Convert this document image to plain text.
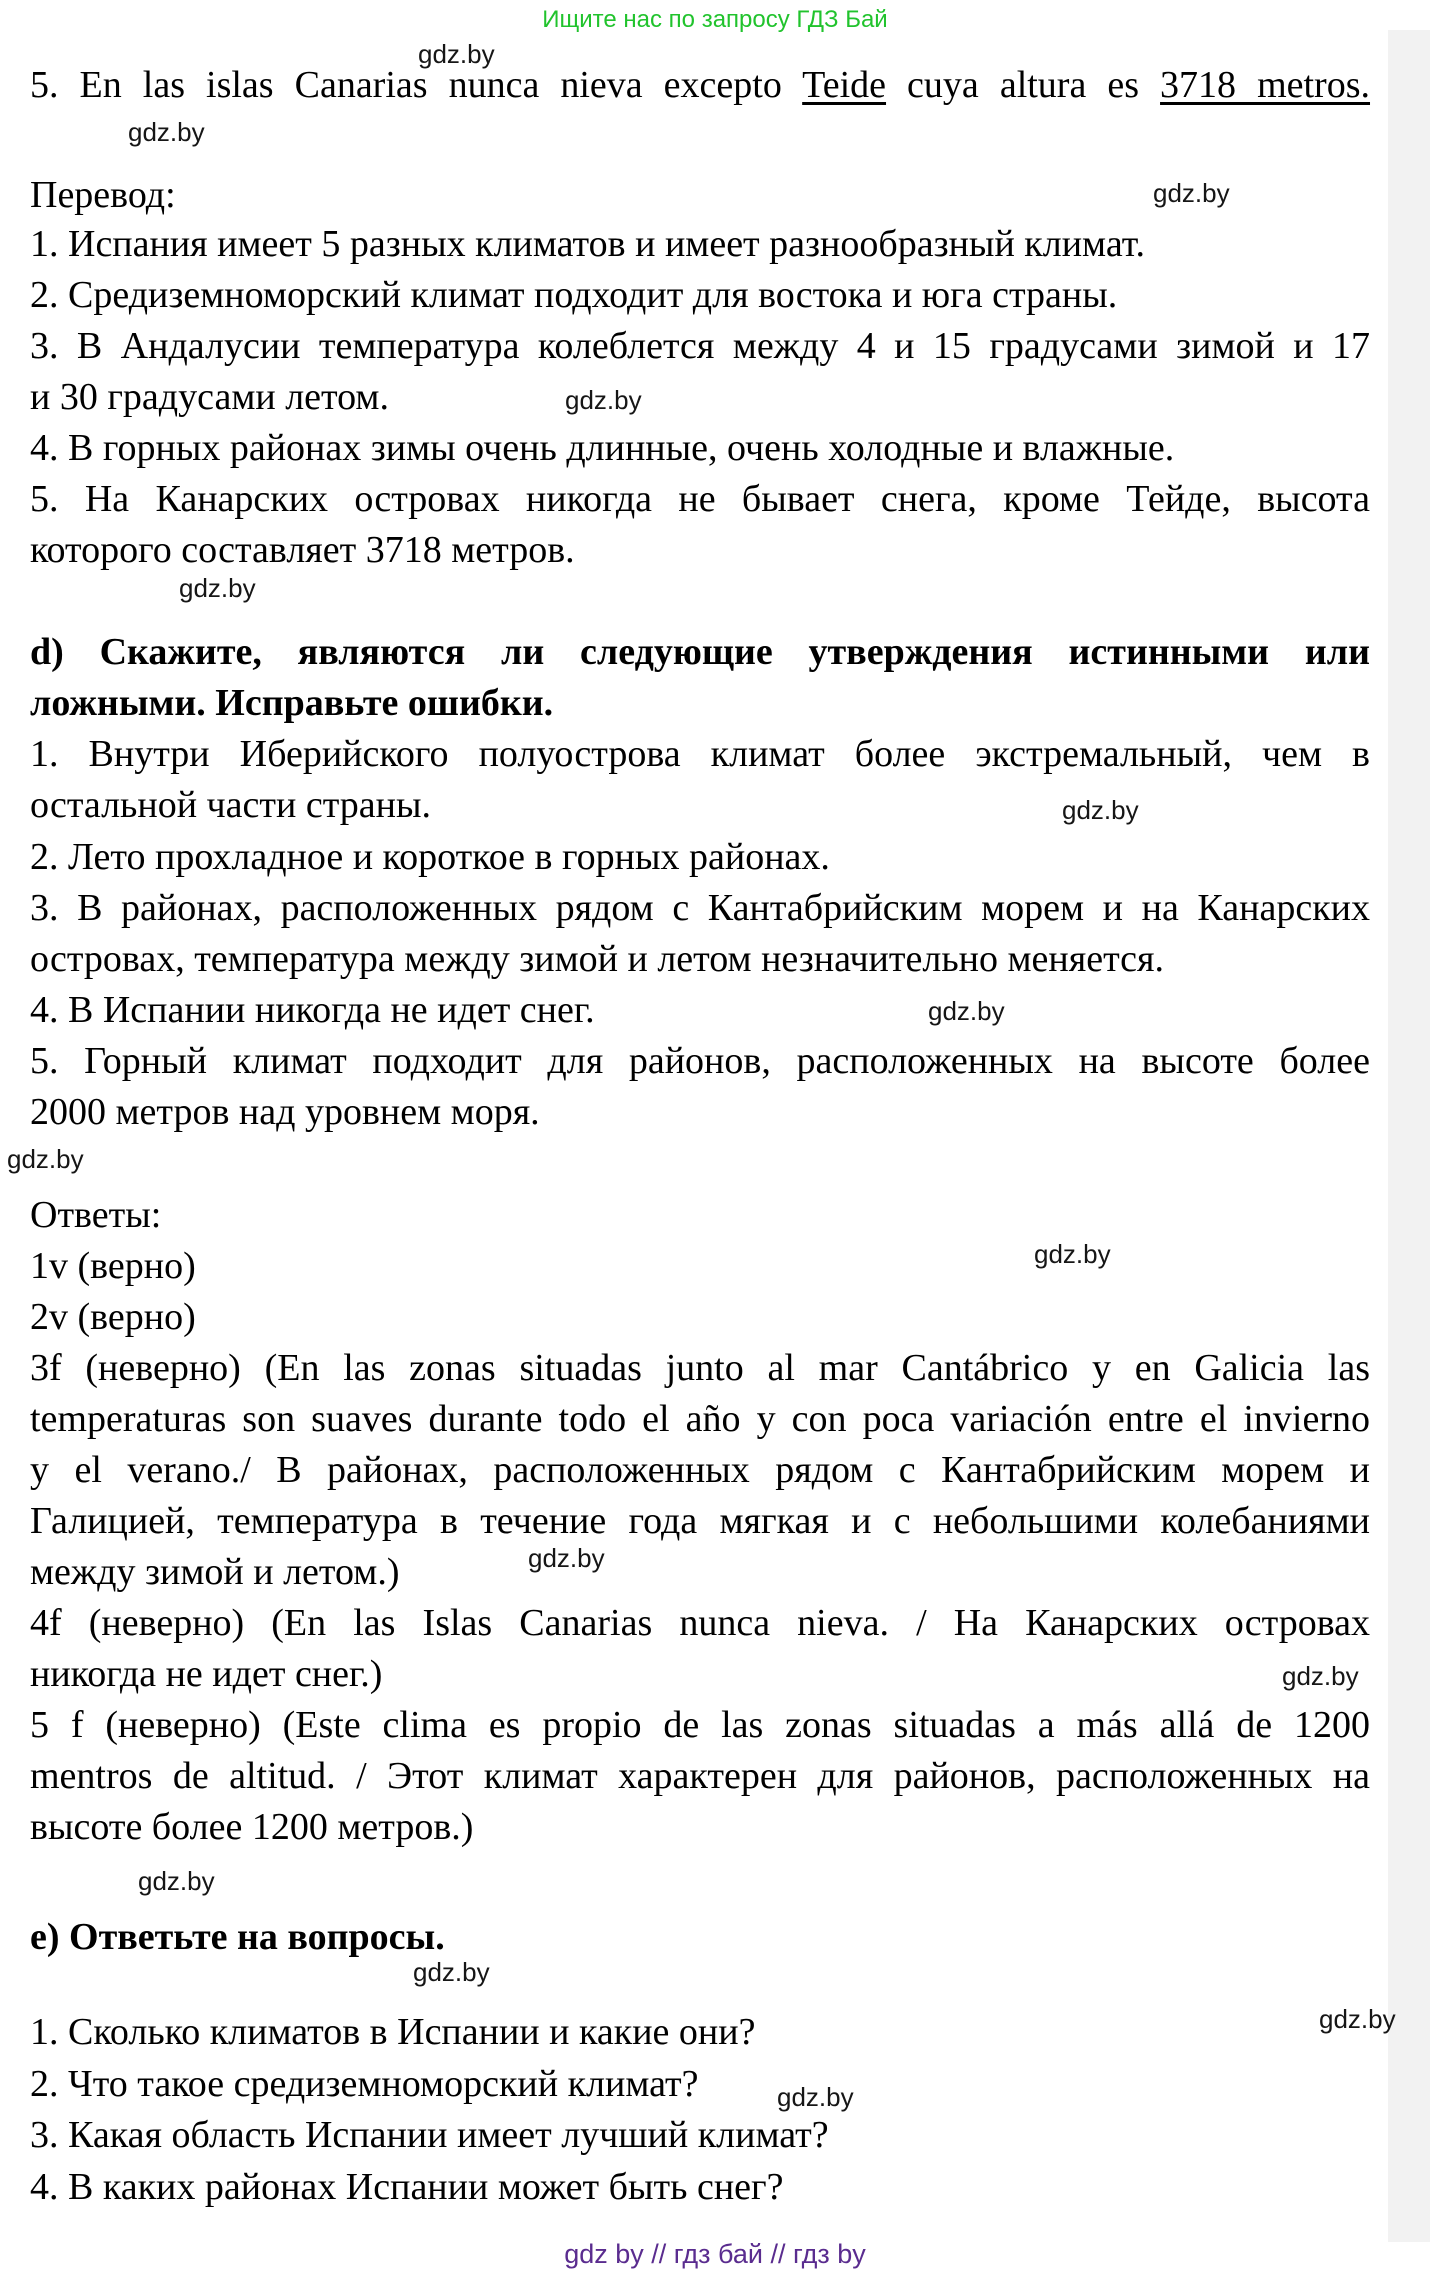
Ищите нас по запросу ГДЗ Бай
5. En las islas Canarias nunca nieva excepto Teide cuya altura es 3718 metros.
Перевод:
1. Испания имеет 5 разных климатов и имеет разнообразный климат.
2. Средиземноморский климат подходит для востока и юга страны.
3. В Андалусии температура колеблется между 4 и 15 градусами зимой и 17
и 30 градусами летом.
4. В горных районах зимы очень длинные, очень холодные и влажные.
5. На Канарских островах никогда не бывает снега, кроме Тейде, высота
которого составляет 3718 метров.
d) Скажите, являются ли следующие утверждения истинными или
ложными. Исправьте ошибки.
1. Внутри Иберийского полуострова климат более экстремальный, чем в
остальной части страны.
2. Лето прохладное и короткое в горных районах.
3. В районах, расположенных рядом с Кантабрийским морем и на Канарских
островах, температура между зимой и летом незначительно меняется.
4. В Испании никогда не идет снег.
5. Горный климат подходит для районов, расположенных на высоте более
2000 метров над уровнем моря.
Ответы:
1v (верно)
2v (верно)
3f (неверно) (En las zonas situadas junto al mar Cantábrico y en Galicia las
temperaturas son suaves durante todo el año y con poca variación entre el invierno
y el verano./ В районах, расположенных рядом с Кантабрийским морем и
Галицией, температура в течение года мягкая и с небольшими колебаниями
между зимой и летом.)
4f (неверно) (En las Islas Canarias nunca nieva. / На Канарских островах
никогда не идет снег.)
5 f (неверно) (Este clima es propio de las zonas situadas a más allá de 1200
mentros de altitud. / Этот климат характерен для районов, расположенных на
высоте более 1200 метров.)
e) Ответьте на вопросы.
1. Сколько климатов в Испании и какие они?
2. Что такое средиземноморский климат?
3. Какая область Испании имеет лучший климат?
4. В каких районах Испании может быть снег?
gdz.by
gdz.by
gdz.by
gdz.by
gdz.by
gdz.by
gdz.by
gdz.by
gdz.by
gdz.by
gdz.by
gdz.by
gdz.by
gdz.by
gdz.by
gdz by // гдз бай // гдз by
